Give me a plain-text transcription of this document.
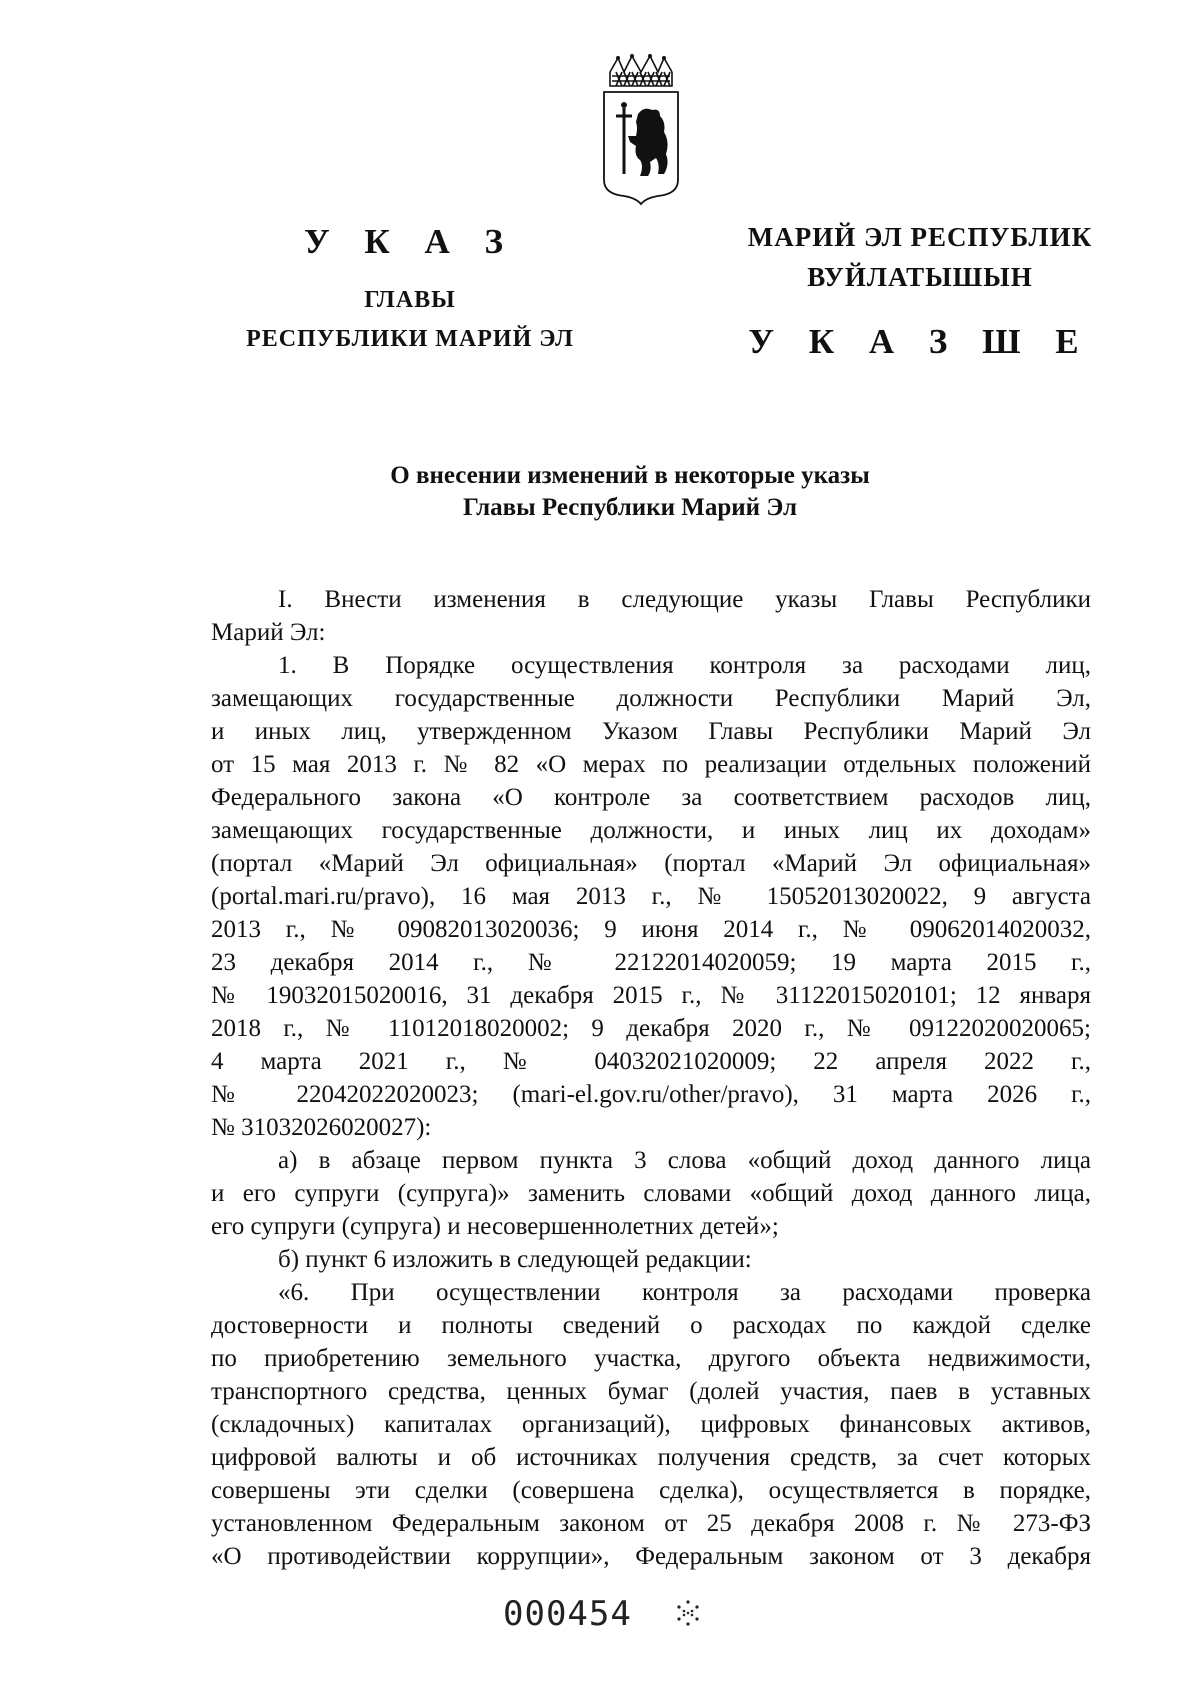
У К А З
ГЛАВЫ
РЕСПУБЛИКИ МАРИЙ ЭЛ
МАРИЙ ЭЛ РЕСПУБЛИК
ВУЙЛАТЫШЫН
У К А З Ш Е
О внесении изменений в некоторые указы
Главы Республики Марий Эл

I. Внести изменения в следующие указы Главы Республики

Марий Эл:

1. В Порядке осуществления контроля за расходами лиц,

замещающих государственные должности Республики Марий Эл,

и иных лиц, утвержденном Указом Главы Республики Марий Эл

от 15 мая 2013 г. № 82 «О мерах по реализации отдельных положений

Федерального закона «О контроле за соответствием расходов лиц,

замещающих государственные должности, и иных лиц их доходам»

(портал «Марий Эл официальная» (портал «Марий Эл официальная»

(portal.mari.ru/pravo), 16 мая 2013 г., № 15052013020022, 9 августа

2013 г., № 09082013020036; 9 июня 2014 г., № 09062014020032,

23 декабря 2014 г., № 22122014020059; 19 марта 2015 г.,

№ 19032015020016, 31 декабря 2015 г., № 31122015020101; 12 января

2018 г., № 11012018020002; 9 декабря 2020 г., № 09122020020065;

4 марта 2021 г., № 04032021020009; 22 апреля 2022 г.,

№ 22042022020023; (mari-el.gov.ru/other/pravo), 31 марта 2026 г.,

№ 31032026020027):

а) в абзаце первом пункта 3 слова «общий доход данного лица

и его супруги (супруга)» заменить словами «общий доход данного лица,

его супруги (супруга) и несовершеннолетних детей»;

б) пункт 6 изложить в следующей редакции:

«6. При осуществлении контроля за расходами проверка

достоверности и полноты сведений о расходах по каждой сделке

по приобретению земельного участка, другого объекта недвижимости,

транспортного средства, ценных бумаг (долей участия, паев в уставных

(складочных) капиталах организаций), цифровых финансовых активов,

цифровой валюты и об источниках получения средств, за счет которых

совершены эти сделки (совершена сделка), осуществляется в порядке,

установленном Федеральным законом от 25 декабря 2008 г. № 273-ФЗ

«О противодействии коррупции», Федеральным законом от 3 декабря

000454
